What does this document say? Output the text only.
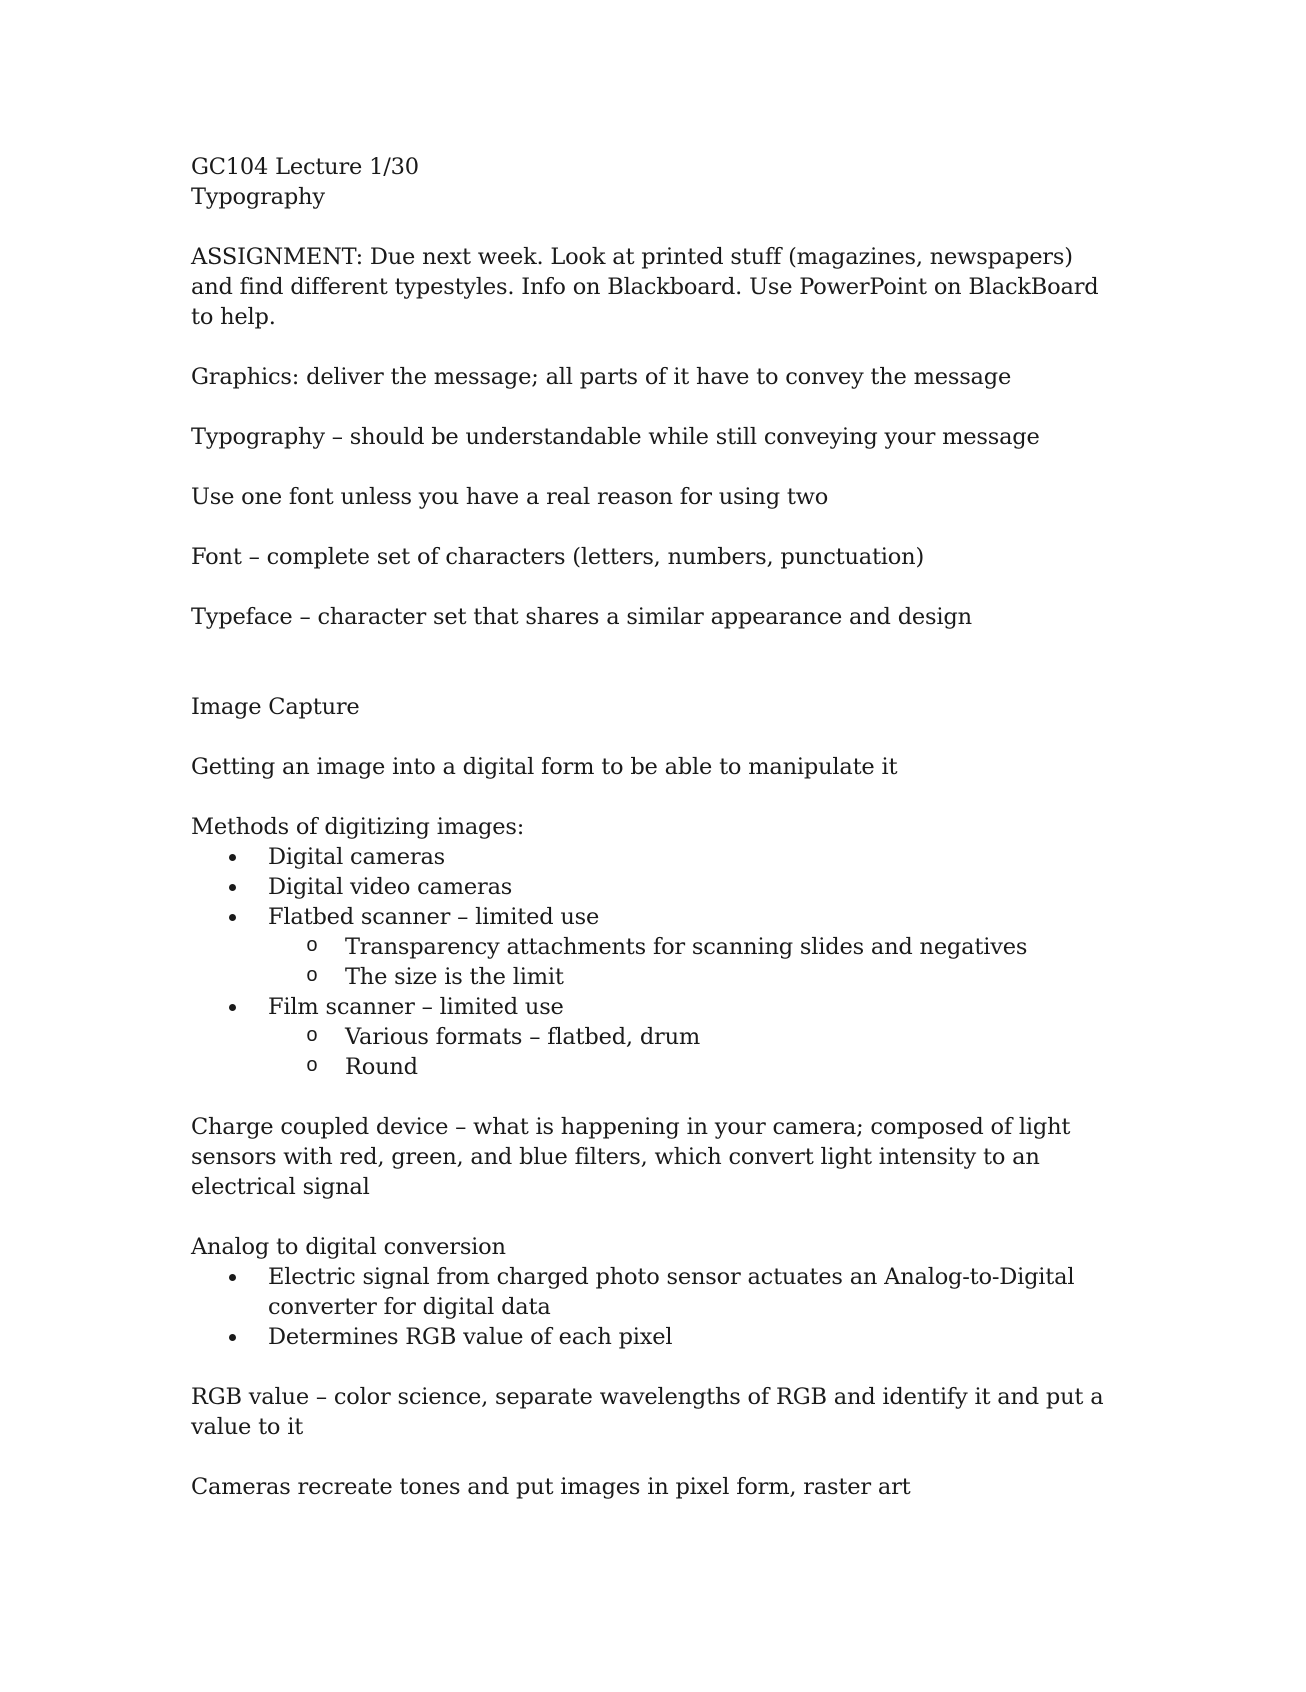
GC104 Lecture 1/30
Typography
ASSIGNMENT: Due next week. Look at printed stuff (magazines, newspapers) and find different typestyles. Info on Blackboard. Use PowerPoint on BlackBoard to help.
Graphics: deliver the message; all parts of it have to convey the message
Typography – should be understandable while still conveying your message
Use one font unless you have a real reason for using two
Font – complete set of characters (letters, numbers, punctuation)
Typeface – character set that shares a similar appearance and design
Image Capture
Getting an image into a digital form to be able to manipulate it
Methods of digitizing images:
Digital cameras
Digital video cameras
Flatbed scanner – limited use
o Transparency attachments for scanning slides and negatives
o The size is the limit
Film scanner – limited use
o Various formats – flatbed, drum
o Round
Charge coupled device – what is happening in your camera; composed of light sensors with red, green, and blue filters, which convert light intensity to an electrical signal
Analog to digital conversion
Electric signal from charged photo sensor actuates an Analog-to-Digital converter for digital data
Determines RGB value of each pixel
RGB value – color science, separate wavelengths of RGB and identify it and put a value to it
Cameras recreate tones and put images in pixel form, raster art
